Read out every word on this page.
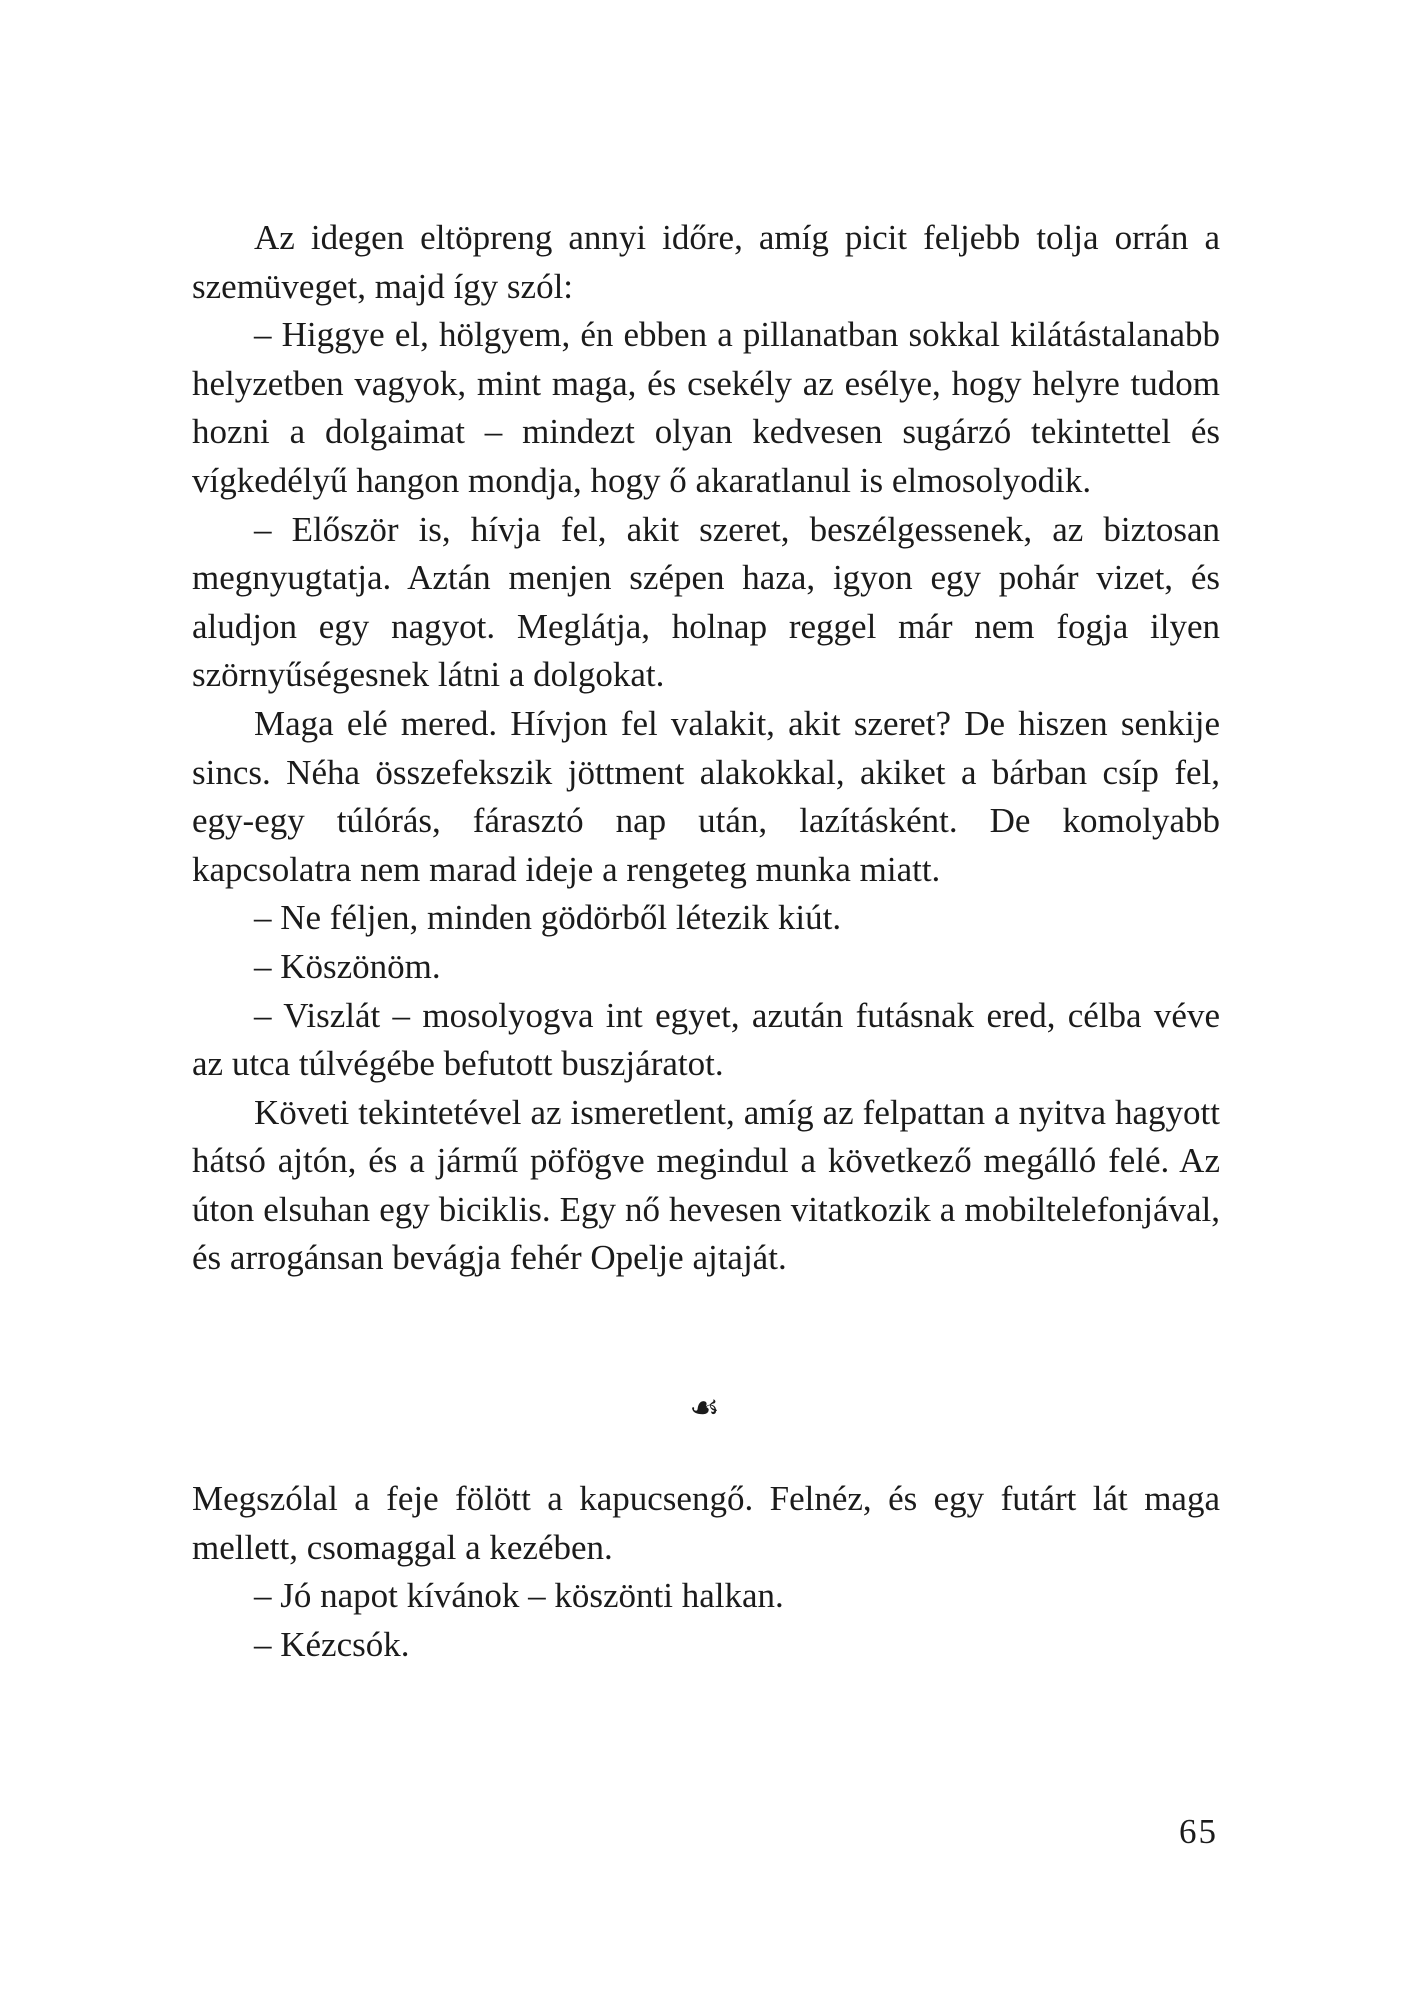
Az idegen eltöpreng annyi időre, amíg picit feljebb tolja orrán a szemüveget, majd így szól:

– Higgye el, hölgyem, én ebben a pillanatban sokkal kilátástalanabb helyzetben vagyok, mint maga, és csekély az esélye, hogy helyre tudom hozni a dolgaimat – mindezt olyan kedvesen sugárzó tekintettel és vígkedélyű hangon mondja, hogy ő akaratlanul is elmosolyodik.

– Először is, hívja fel, akit szeret, beszélgessenek, az biztosan megnyugtatja. Aztán menjen szépen haza, igyon egy pohár vizet, és aludjon egy nagyot. Meglátja, holnap reggel már nem fogja ilyen szörnyűségesnek látni a dolgokat.

Maga elé mered. Hívjon fel valakit, akit szeret? De hiszen senkije sincs. Néha összefekszik jöttment alakokkal, akiket a bárban csíp fel, egy-egy túlórás, fárasztó nap után, lazításként. De komolyabb kapcsolatra nem marad ideje a rengeteg munka miatt.

– Ne féljen, minden gödörből létezik kiút.

– Köszönöm.

– Viszlát – mosolyogva int egyet, azután futásnak ered, célba véve az utca túlvégébe befutott buszjáratot.

Követi tekintetével az ismeretlent, amíg az felpattan a nyitva hagyott hátsó ajtón, és a jármű pöfögve megindul a következő megálló felé. Az úton elsuhan egy biciklis. Egy nő hevesen vitatkozik a mobiltelefonjával, és arrogánsan bevágja fehér Opelje ajtaját.

☙

Megszólal a feje fölött a kapucsengő. Felnéz, és egy futárt lát maga mellett, csomaggal a kezében.

– Jó napot kívánok – köszönti halkan.

– Kézcsók.

65
